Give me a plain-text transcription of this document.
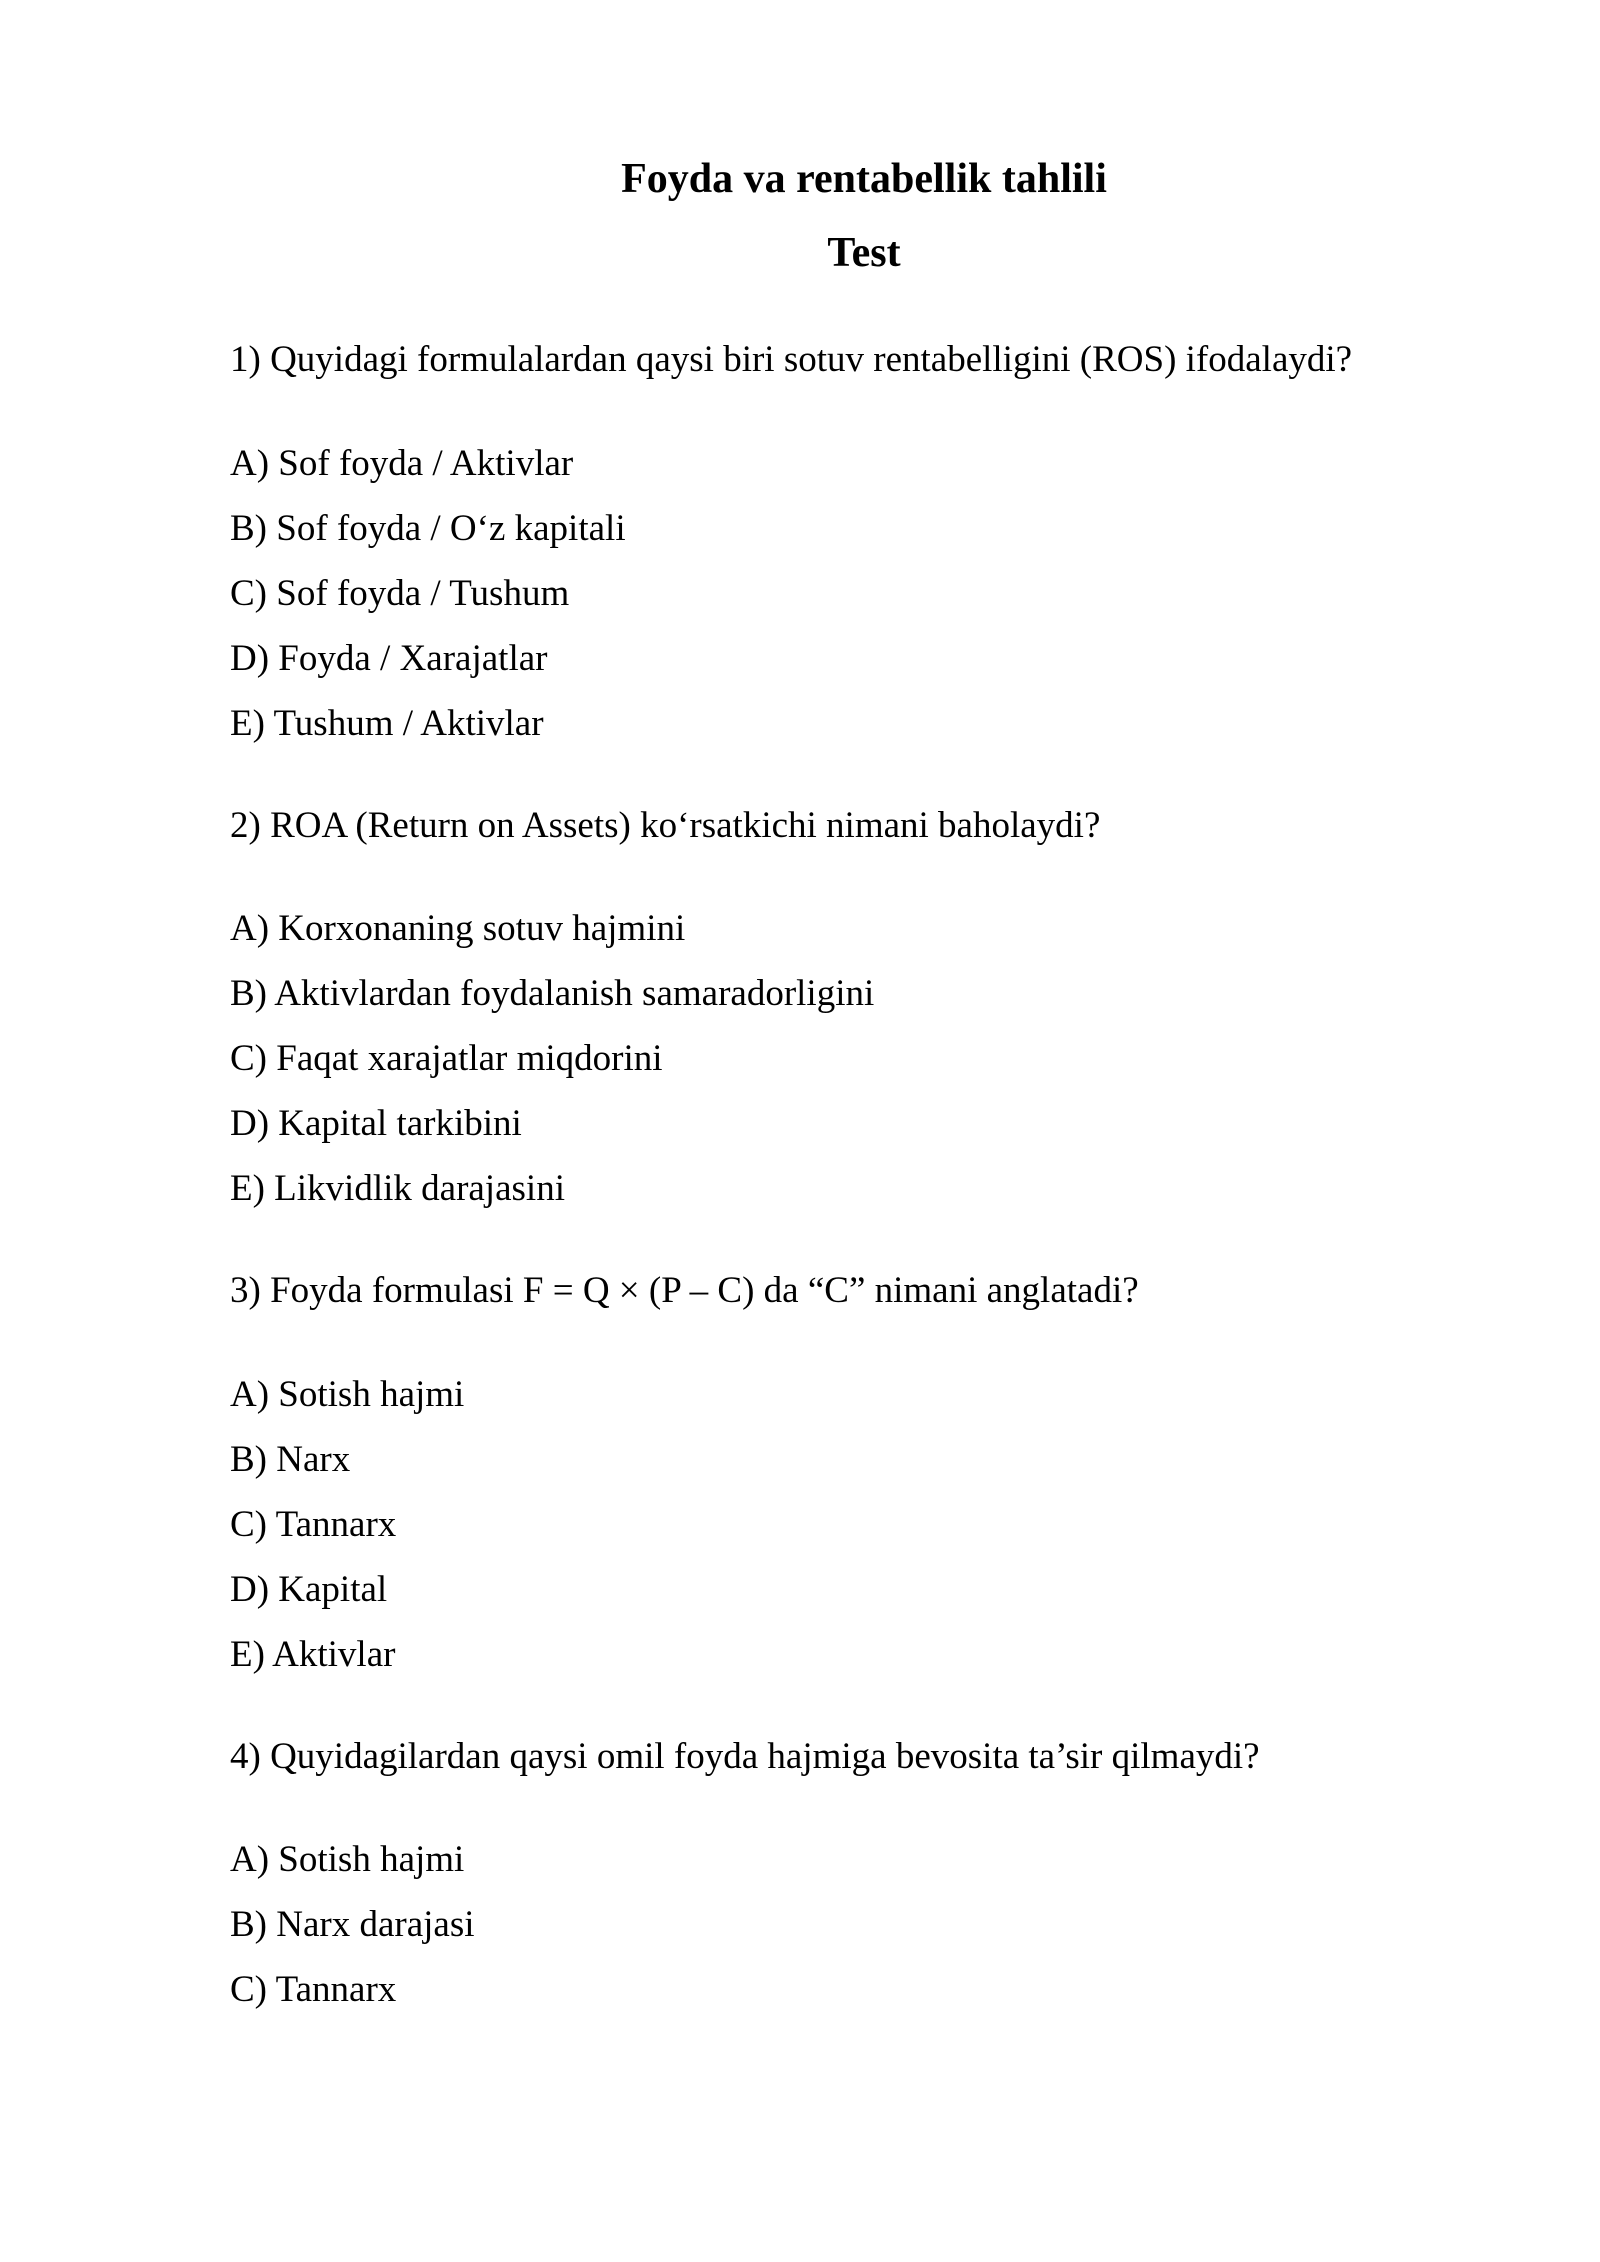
Foyda va rentabellik tahlili
Test

1) Quyidagi formulalardan qaysi biri sotuv rentabelligini (ROS) ifodalaydi?

A) Sof foyda / Aktivlar

B) Sof foyda / O‘z kapitali

C) Sof foyda / Tushum

D) Foyda / Xarajatlar

E) Tushum / Aktivlar

2) ROA (Return on Assets) ko‘rsatkichi nimani baholaydi?

A) Korxonaning sotuv hajmini

B) Aktivlardan foydalanish samaradorligini

C) Faqat xarajatlar miqdorini

D) Kapital tarkibini

E) Likvidlik darajasini

3) Foyda formulasi F = Q × (P – C) da “C” nimani anglatadi?

A) Sotish hajmi

B) Narx

C) Tannarx

D) Kapital

E) Aktivlar

4) Quyidagilardan qaysi omil foyda hajmiga bevosita ta’sir qilmaydi?

A) Sotish hajmi

B) Narx darajasi

C) Tannarx
